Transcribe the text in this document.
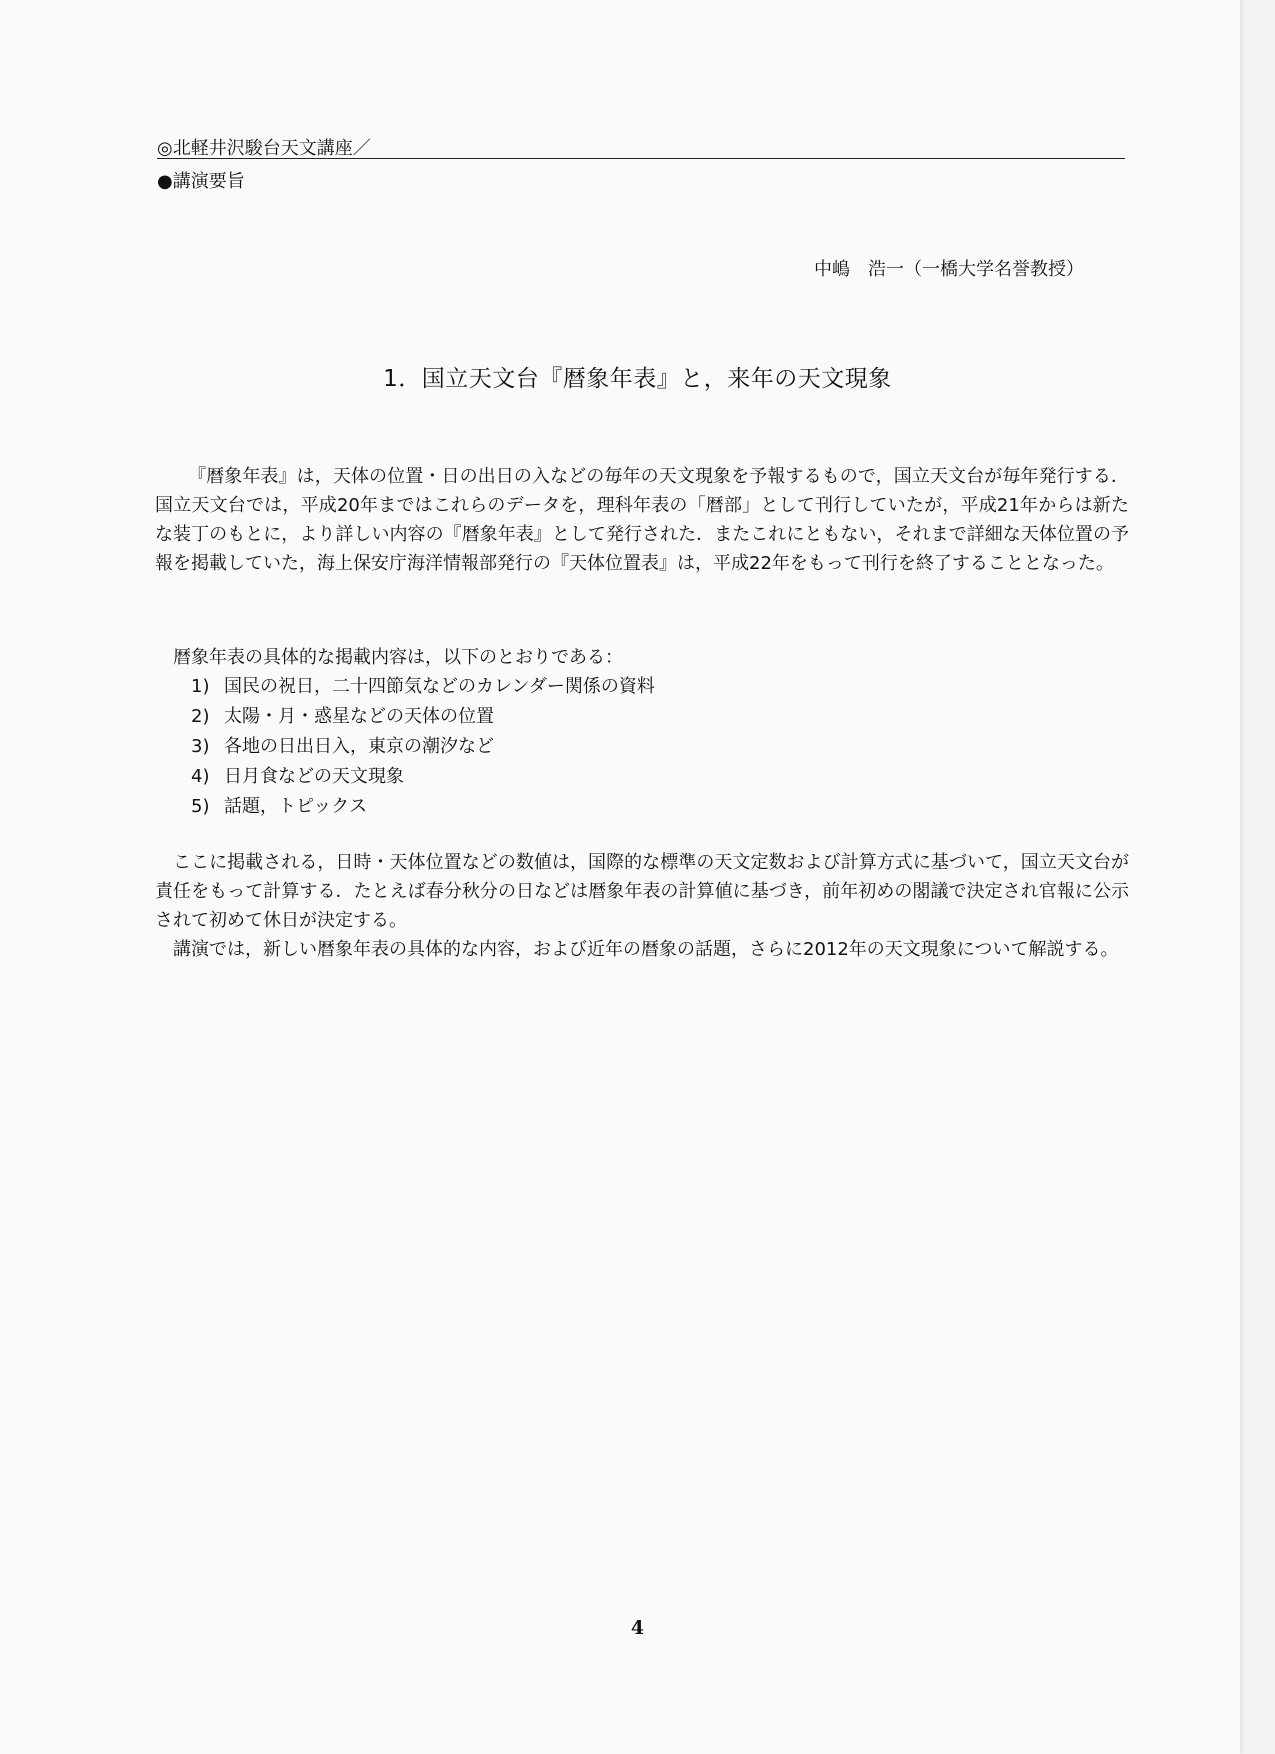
◎北軽井沢駿台天文講座／
●講演要旨
中嶋　浩一（一橋大学名誉教授）
1．国立天文台『暦象年表』と，来年の天文現象
『暦象年表』は，天体の位置・日の出日の入などの毎年の天文現象を予報するもので，国立天文台が毎年発行する．国立天文台では，平成20年まではこれらのデータを，理科年表の「暦部」として刊行していたが，平成21年からは新たな装丁のもとに，より詳しい内容の『暦象年表』として発行された．またこれにともない，それまで詳細な天体位置の予報を掲載していた，海上保安庁海洋情報部発行の『天体位置表』は，平成22年をもって刊行を終了することとなった。
暦象年表の具体的な掲載内容は，以下のとおりである：
1) 国民の祝日，二十四節気などのカレンダー関係の資料
2) 太陽・月・惑星などの天体の位置
3) 各地の日出日入，東京の潮汐など
4) 日月食などの天文現象
5) 話題，トピックス
ここに掲載される，日時・天体位置などの数値は，国際的な標準の天文定数および計算方式に基づいて，国立天文台が責任をもって計算する．たとえば春分秋分の日などは暦象年表の計算値に基づき，前年初めの閣議で決定され官報に公示されて初めて休日が決定する。
講演では，新しい暦象年表の具体的な内容，および近年の暦象の話題，さらに2012年の天文現象について解説する。
4
